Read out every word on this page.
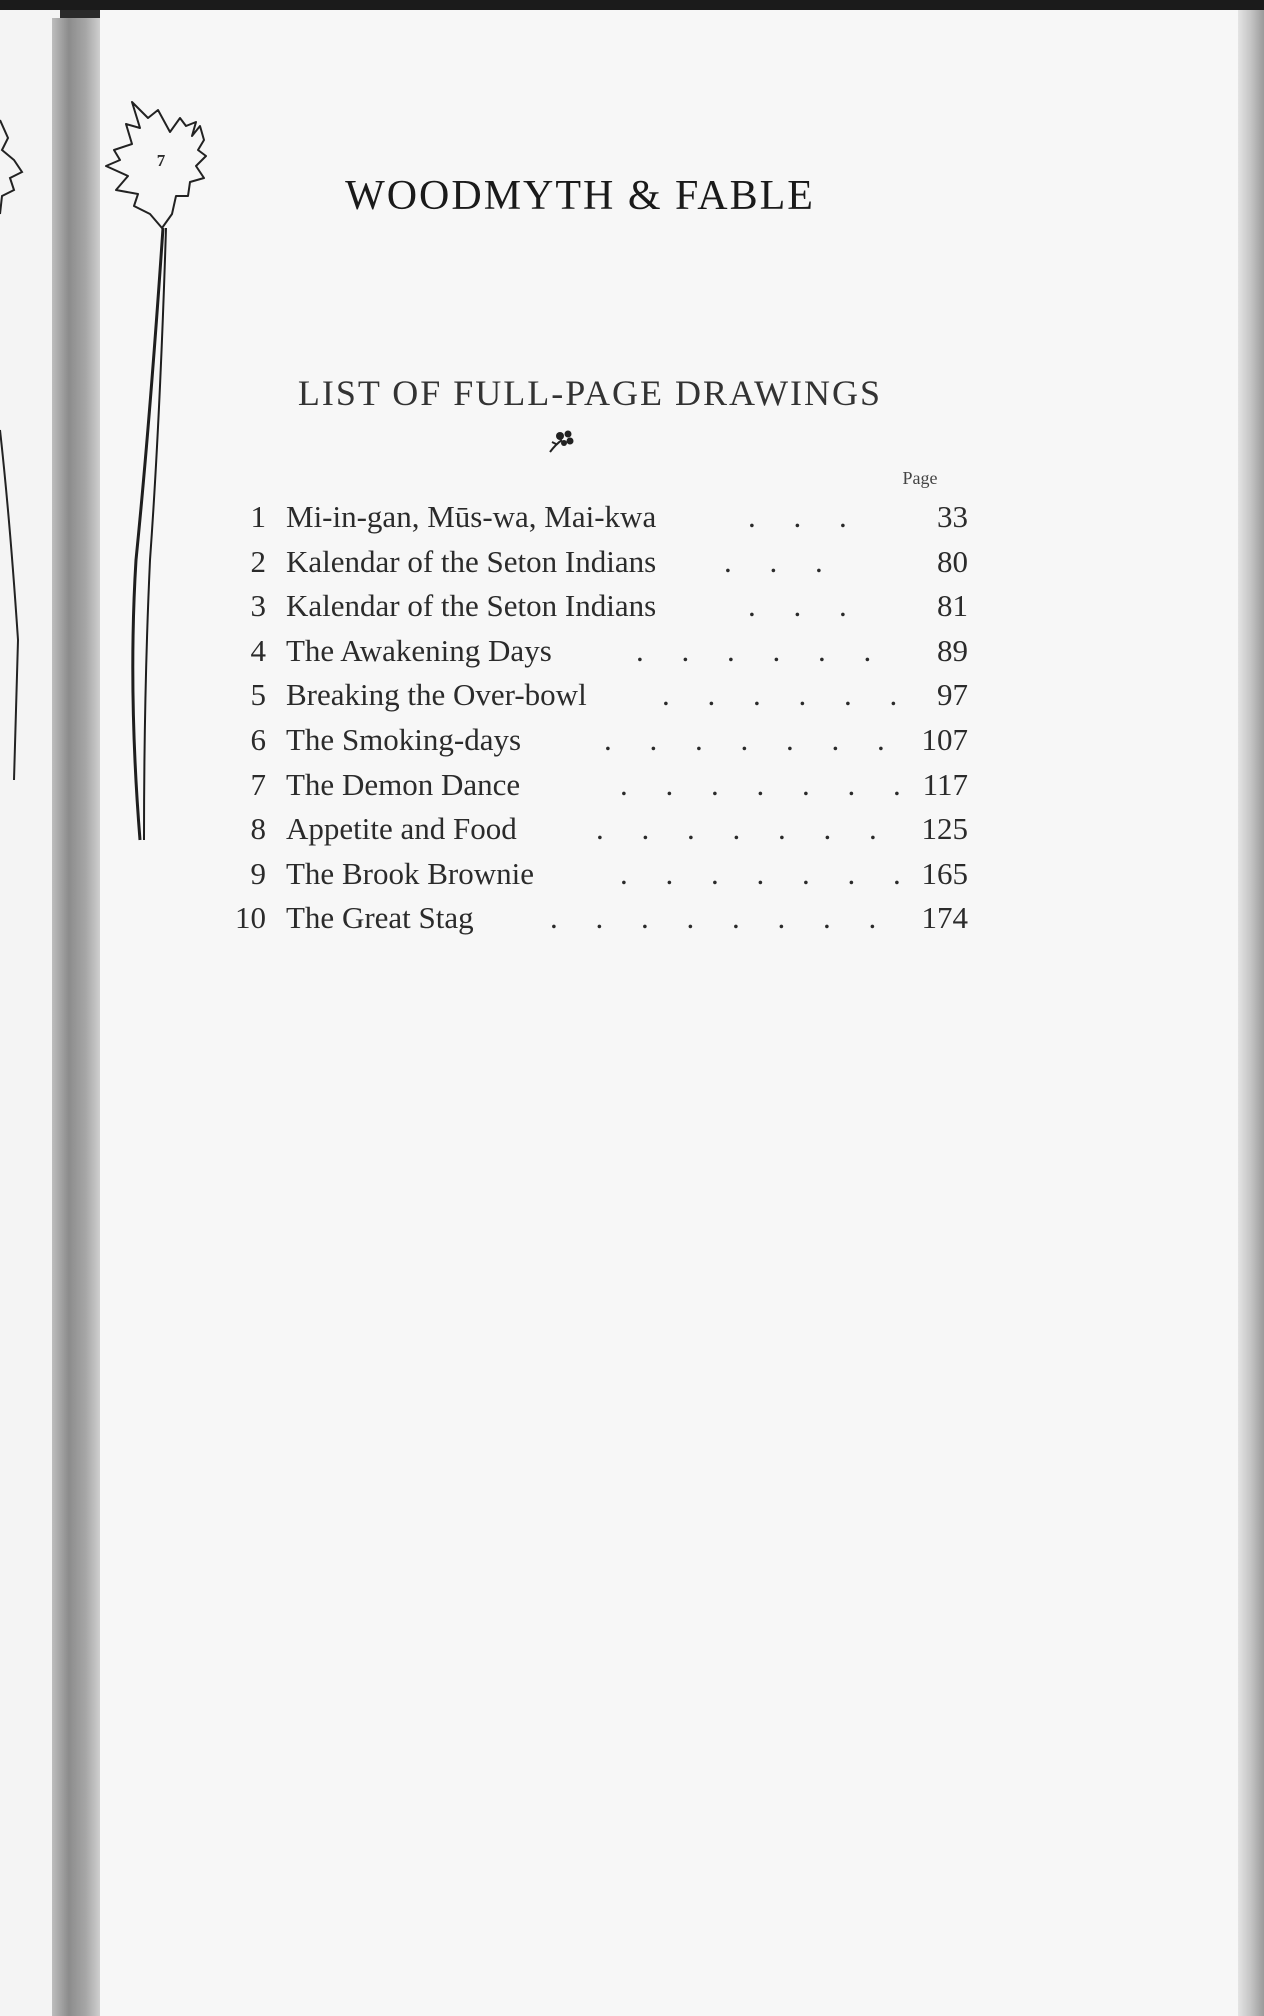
7
WOODMYTH & FABLE
LIST OF FULL-PAGE DRAWINGS
Page
1 Mi-in-gan, Mūs-wa, Mai-kwa	. . .	33
2 Kalendar of the Seton Indians . . .	80
3 Kalendar of the Seton Indians	. . .	81
4 The Awakening Days	. . . . . .	89
5 Breaking the Over-bowl . . . . . . 97
6 The Smoking-days	. . . . . . . 107
7 The Demon Dance	. . . . . . . 117
8 Appetite and Food	. . . . . . . 125
9 The Brook Brownie	. . . . . . . 165
10 The Great Stag . . . . . . . . 174
